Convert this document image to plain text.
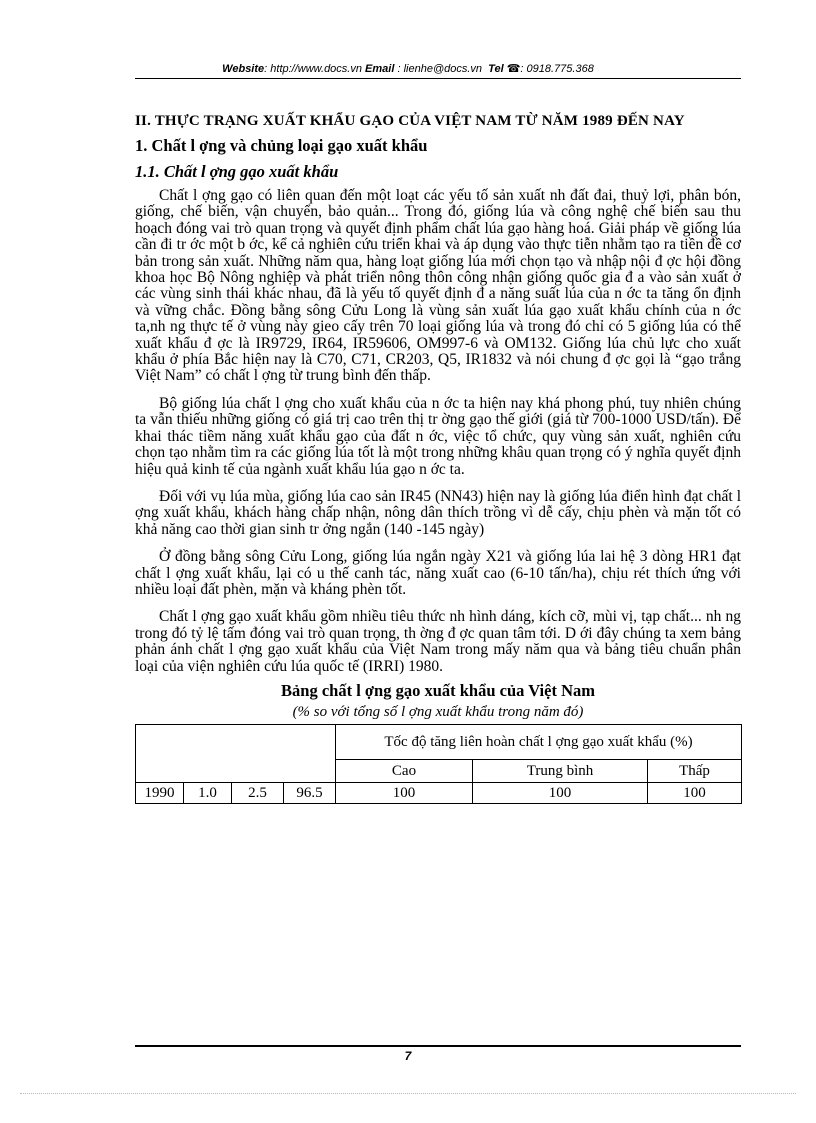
Website: http://www.docs.vn Email : lienhe@docs.vn Tel ☎: 0918.775.368
II. THỰC TRẠNG XUẤT KHẨU GẠO CỦA VIỆT NAM TỪ NĂM 1989 ĐẾN NAY
1. Chất l ợng và chủng loại gạo xuất khẩu
1.1. Chất l ợng gạo xuất khẩu

Chất l ợng gạo có liên quan đến một loạt các yếu tố sản xuất nh đất đai, thuỷ lợi, phân bón, giống, chế biến, vận chuyển, bảo quản... Trong đó, giống lúa và công nghệ chế biến sau thu hoạch đóng vai trò quan trọng và quyết định phẩm chất lúa gạo hàng hoá. Giải pháp về giống lúa cần đi tr ớc một b ớc, kể cả nghiên cứu triển khai và áp dụng vào thực tiễn nhằm tạo ra tiền đề cơ bản trong sản xuất. Những năm qua, hàng loạt giống lúa mới chọn tạo và nhập nội đ ợc hội đồng khoa học Bộ Nông nghiệp và phát triển nông thôn công nhận giống quốc gia đ a vào sản xuất ở các vùng sinh thái khác nhau, đã là yếu tố quyết định đ a năng suất lúa của n ớc ta tăng ổn định và vững chắc. Đồng bằng sông Cửu Long là vùng sản xuất lúa gạo xuất khẩu chính của n ớc ta,nh ng thực tế ở vùng này gieo cấy trên 70 loại giống lúa và trong đó chỉ có 5 giống lúa có thể xuất khẩu đ ợc là IR9729, IR64, IR59606, OM997-6 và OM132. Giống lúa chủ lực cho xuất khẩu ở phía Bắc hiện nay là C70, C71, CR203, Q5, IR1832 và nói chung đ ợc gọi là “gạo trắng Việt Nam” có chất l ợng từ trung bình đến thấp.

Bộ giống lúa chất l ợng cho xuất khẩu của n ớc ta hiện nay khá phong phú, tuy nhiên chúng ta vẫn thiếu những giống có giá trị cao trên thị tr ờng gạo thế giới (giá từ 700-1000 USD/tấn). Để khai thác tiềm năng xuất khẩu gạo của đất n ớc, việc tổ chức, quy vùng sản xuất, nghiên cứu chọn tạo nhằm tìm ra các giống lúa tốt là một trong những khâu quan trọng có ý nghĩa quyết định hiệu quả kinh tế của ngành xuất khẩu lúa gạo n ớc ta.

Đối với vụ lúa mùa, giống lúa cao sản IR45 (NN43) hiện nay là giống lúa điển hình đạt chất l ợng xuất khẩu, khách hàng chấp nhận, nông dân thích trồng vì dễ cấy, chịu phèn và mặn tốt có khả năng cao thời gian sinh tr ởng ngắn (140 -145 ngày)

Ở đồng bằng sông Cửu Long, giống lúa ngắn ngày X21 và giống lúa lai hệ 3 dòng HR1 đạt chất l ợng xuất khẩu, lại có u thế canh tác, năng xuất cao (6-10 tấn/ha), chịu rét thích ứng với nhiều loại đất phèn, mặn và kháng phèn tốt.

Chất l ợng gạo xuất khẩu gồm nhiều tiêu thức nh hình dáng, kích cỡ, mùi vị, tạp chất... nh ng trong đó tỷ lệ tấm đóng vai trò quan trọng, th ờng đ ợc quan tâm tới. D ới đây chúng ta xem bảng phản ánh chất l ợng gạo xuất khẩu của Việt Nam trong mấy năm qua và bảng tiêu chuẩn phân loại của viện nghiên cứu lúa quốc tế (IRRI) 1980.

Bảng chất l ợng gạo xuất khẩu của Việt Nam
(% so với tổng số l ợng xuất khẩu trong năm đó)
				Tốc độ tăng liên hoàn chất l ợng gạo xuất khẩu (%)		
				Cao	Trung bình	Thấp
1990	1.0	2.5	96.5	100	100	100
7
